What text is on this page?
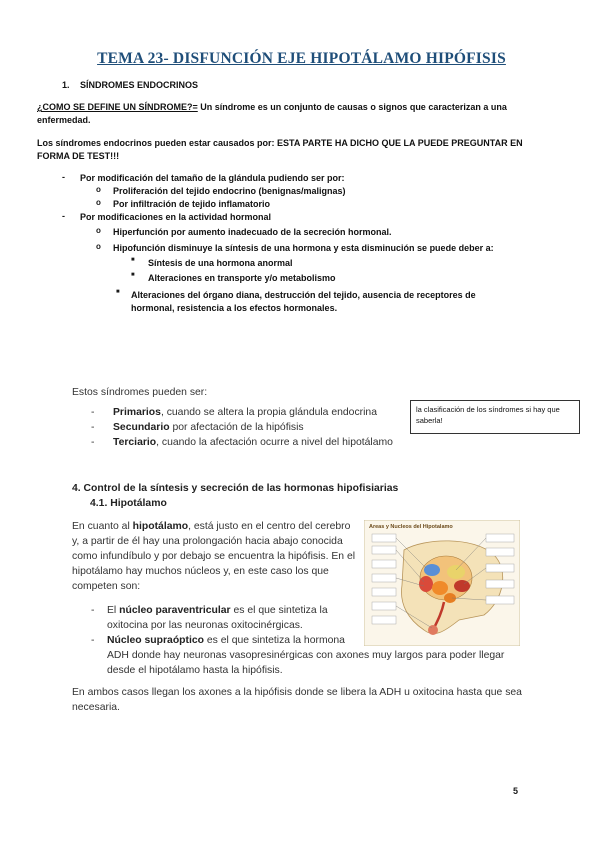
TEMA 23- DISFUNCIÓN EJE HIPOTÁLAMO HIPÓFISIS
1. SÍNDROMES ENDOCRINOS
¿COMO SE DEFINE UN SÍNDROME?= Un síndrome es un conjunto de causas o signos que caracterizan a una
enfermedad.
Los síndromes endocrinos pueden estar causados por: ESTA PARTE HA DICHO QUE LA PUEDE PREGUNTAR EN
FORMA DE TEST!!!
- Por modificación del tamaño de la glándula pudiendo ser por:
o Proliferación del tejido endocrino (benignas/malignas)
o Por infiltración de tejido inflamatorio
- Por modificaciones en la actividad hormonal
o Hiperfunción por aumento inadecuado de la secreción hormonal.
o Hipofunción disminuye la síntesis de una hormona y esta disminución se puede deber a:
■ Síntesis de una hormona anormal
■ Alteraciones en transporte y/o metabolismo
■ Alteraciones del órgano diana, destrucción del tejido, ausencia de receptores de
hormonal, resistencia a los efectos hormonales.
Estos síndromes pueden ser:
- Primarios, cuando se altera la propia glándula endocrina
- Secundario por afectación de la hipófisis
- Terciario, cuando la afectación ocurre a nivel del hipotálamo
la clasificación de los síndromes si hay que saberla!
4. Control de la síntesis y secreción de las hormonas hipofisiarias
4.1. Hipotálamo
En cuanto al hipotálamo, está justo en el centro del cerebro
y, a partir de él hay una prolongación hacia abajo conocida
como infundíbulo y por debajo se encuentra la hipófisis. En el
hipotálamo hay muchos núcleos y, en este caso los que
competen son:
- El núcleo paraventricular es el que sintetiza la
oxitocina por las neuronas oxitocinérgicas.
- Núcleo supraóptico es el que sintetiza la hormona
ADH donde hay neuronas vasopresinérgicas con axones muy largos para poder llegar
desde el hipotálamo hasta la hipófisis.
En ambos casos llegan los axones a la hipófisis donde se libera la ADH u oxitocina hasta que sea
necesaria.
Areas y Nucleos del Hipotalamo
5
